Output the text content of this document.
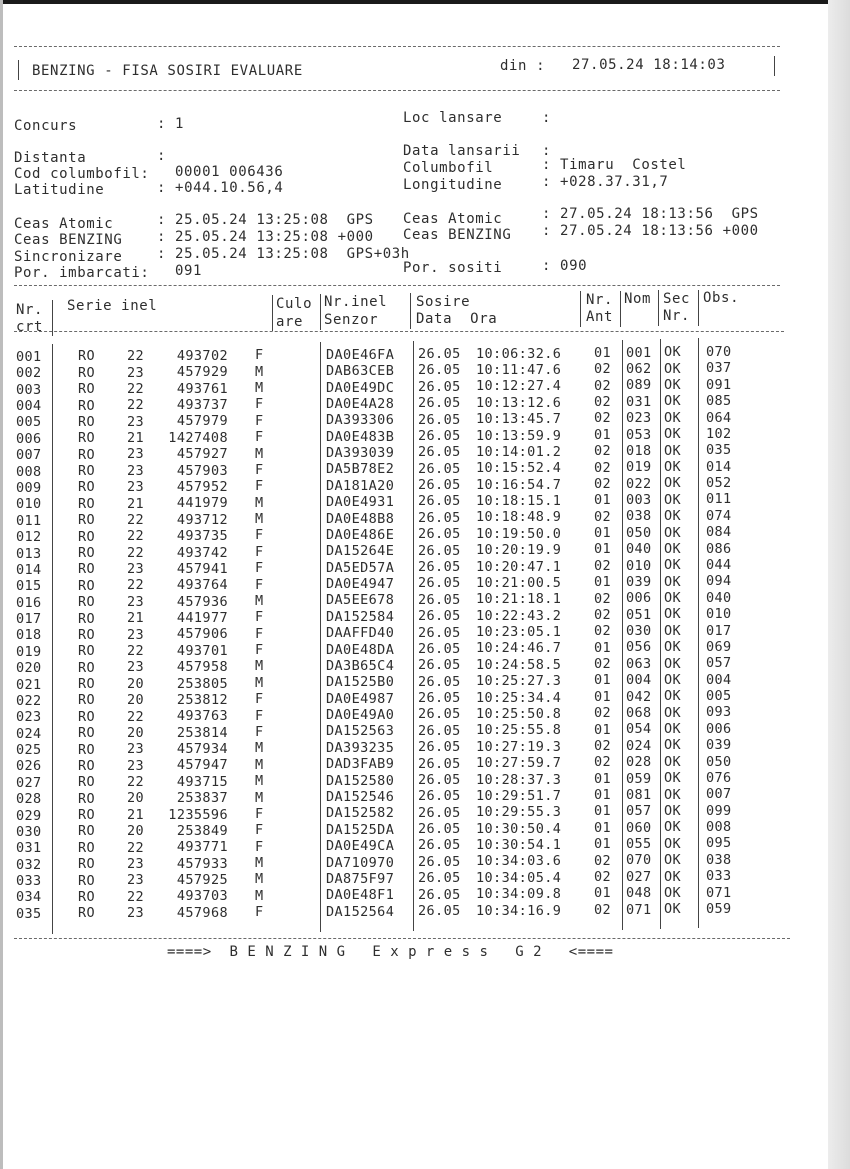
BENZING - FISA SOSIRI EVALUARE	din : 27.05.24 18:14:03
Concurs	: 1	Loc lansare	:
Distanta	:	Data lansarii :
Cod columbofil: 00001 006436	Columbofil	: Timaru  Costel
Latitudine	: +044.10.56,4	Longitudine	: +028.37.31,7
Ceas Atomic	: 25.05.24 13:25:08  GPS
Ceas BENZING : 25.05.24 13:25:08 +000
Sincronizare : 25.05.24 13:25:08  GPS+03h
Por. imbarcati: 091
Ceas Atomic	: 27.05.24 18:13:56  GPS
Ceas BENZING : 27.05.24 18:13:56 +000
Por. sositi	: 090
Nr.
crt
Serie inel	Culo
are
Nr.inel
Senzor
Sosire
Data  Ora
Nr.
Ant
Nom Sec
Nr.
Obs.
001	RO	22	493702 F	DA0E46FA	26.05	10:06:32.6	01	001 OK	070
002	RO	23	457929 M	DAB63CEB	26.05	10:11:47.6	02	062 OK	037
003	RO	22	493761 M	DA0E49DC	26.05	10:12:27.4	02	089 OK	091
004	RO	22	493737 F	DA0E4A28	26.05	10:13:12.6	02	031 OK	085
005	RO	23	457979 F	DA393306	26.05	10:13:45.7	02	023 OK	064
006	RO	21	1427408 F	DA0E483B	26.05	10:13:59.9	01	053 OK	102
007	RO	23	457927 M	DA393039	26.05	10:14:01.2	02	018 OK	035
008	RO	23	457903 F	DA5B78E2	26.05	10:15:52.4	02	019 OK	014
009	RO	23	457952 F	DA181A20	26.05	10:16:54.7	02	022 OK	052
010	RO	21	441979 M	DA0E4931	26.05	10:18:15.1	01	003 OK	011
011	RO	22	493712 M	DA0E48B8	26.05	10:18:48.9	02	038 OK	074
012	RO	22	493735 F	DA0E486E	26.05	10:19:50.0	01	050 OK	084
013	RO	22	493742 F	DA15264E	26.05	10:20:19.9	01	040 OK	086
014	RO	23	457941 F	DA5ED57A	26.05	10:20:47.1	02	010 OK	044
015	RO	22	493764 F	DA0E4947	26.05	10:21:00.5	01	039 OK	094
016	RO	23	457936 M	DA5EE678	26.05	10:21:18.1	02	006 OK	040
017	RO	21	441977 F	DA152584	26.05	10:22:43.2	02	051 OK	010
018	RO	23	457906 F	DAAFFD40	26.05	10:23:05.1	02	030 OK	017
019	RO	22	493701 F	DA0E48DA	26.05	10:24:46.7	01	056 OK	069
020	RO	23	457958 M	DA3B65C4	26.05	10:24:58.5	02	063 OK	057
021	RO	20	253805 M	DA1525B0	26.05	10:25:27.3	01	004 OK	004
022	RO	20	253812 F	DA0E4987	26.05	10:25:34.4	01	042 OK	005
023	RO	22	493763 F	DA0E49A0	26.05	10:25:50.8	02	068 OK	093
024	RO	20	253814 F	DA152563	26.05	10:25:55.8	01	054 OK	006
025	RO	23	457934 M	DA393235	26.05	10:27:19.3	02	024 OK	039
026	RO	23	457947 M	DAD3FAB9	26.05	10:27:59.7	02	028 OK	050
027	RO	22	493715 M	DA152580	26.05	10:28:37.3	01	059 OK	076
028	RO	20	253837 M	DA152546	26.05	10:29:51.7	01	081 OK	007
029	RO	21	1235596 F	DA152582	26.05	10:29:55.3	01	057 OK	099
030	RO	20	253849 F	DA1525DA	26.05	10:30:50.4	01	060 OK	008
031	RO	22	493771 F	DA0E49CA	26.05	10:30:54.1	01	055 OK	095
032	RO	23	457933 M	DA710970	26.05	10:34:03.6	02	070 OK	038
033	RO	23	457925 M	DA875F97	26.05	10:34:05.4	02	027 OK	033
034	RO	22	493703 M	DA0E48F1	26.05	10:34:09.8	01	048 OK	071
035	RO	23	457968 F	DA152564	26.05	10:34:16.9	02	071 OK	059
====>  B E N Z I N G   E x p r e s s   G 2   <====
